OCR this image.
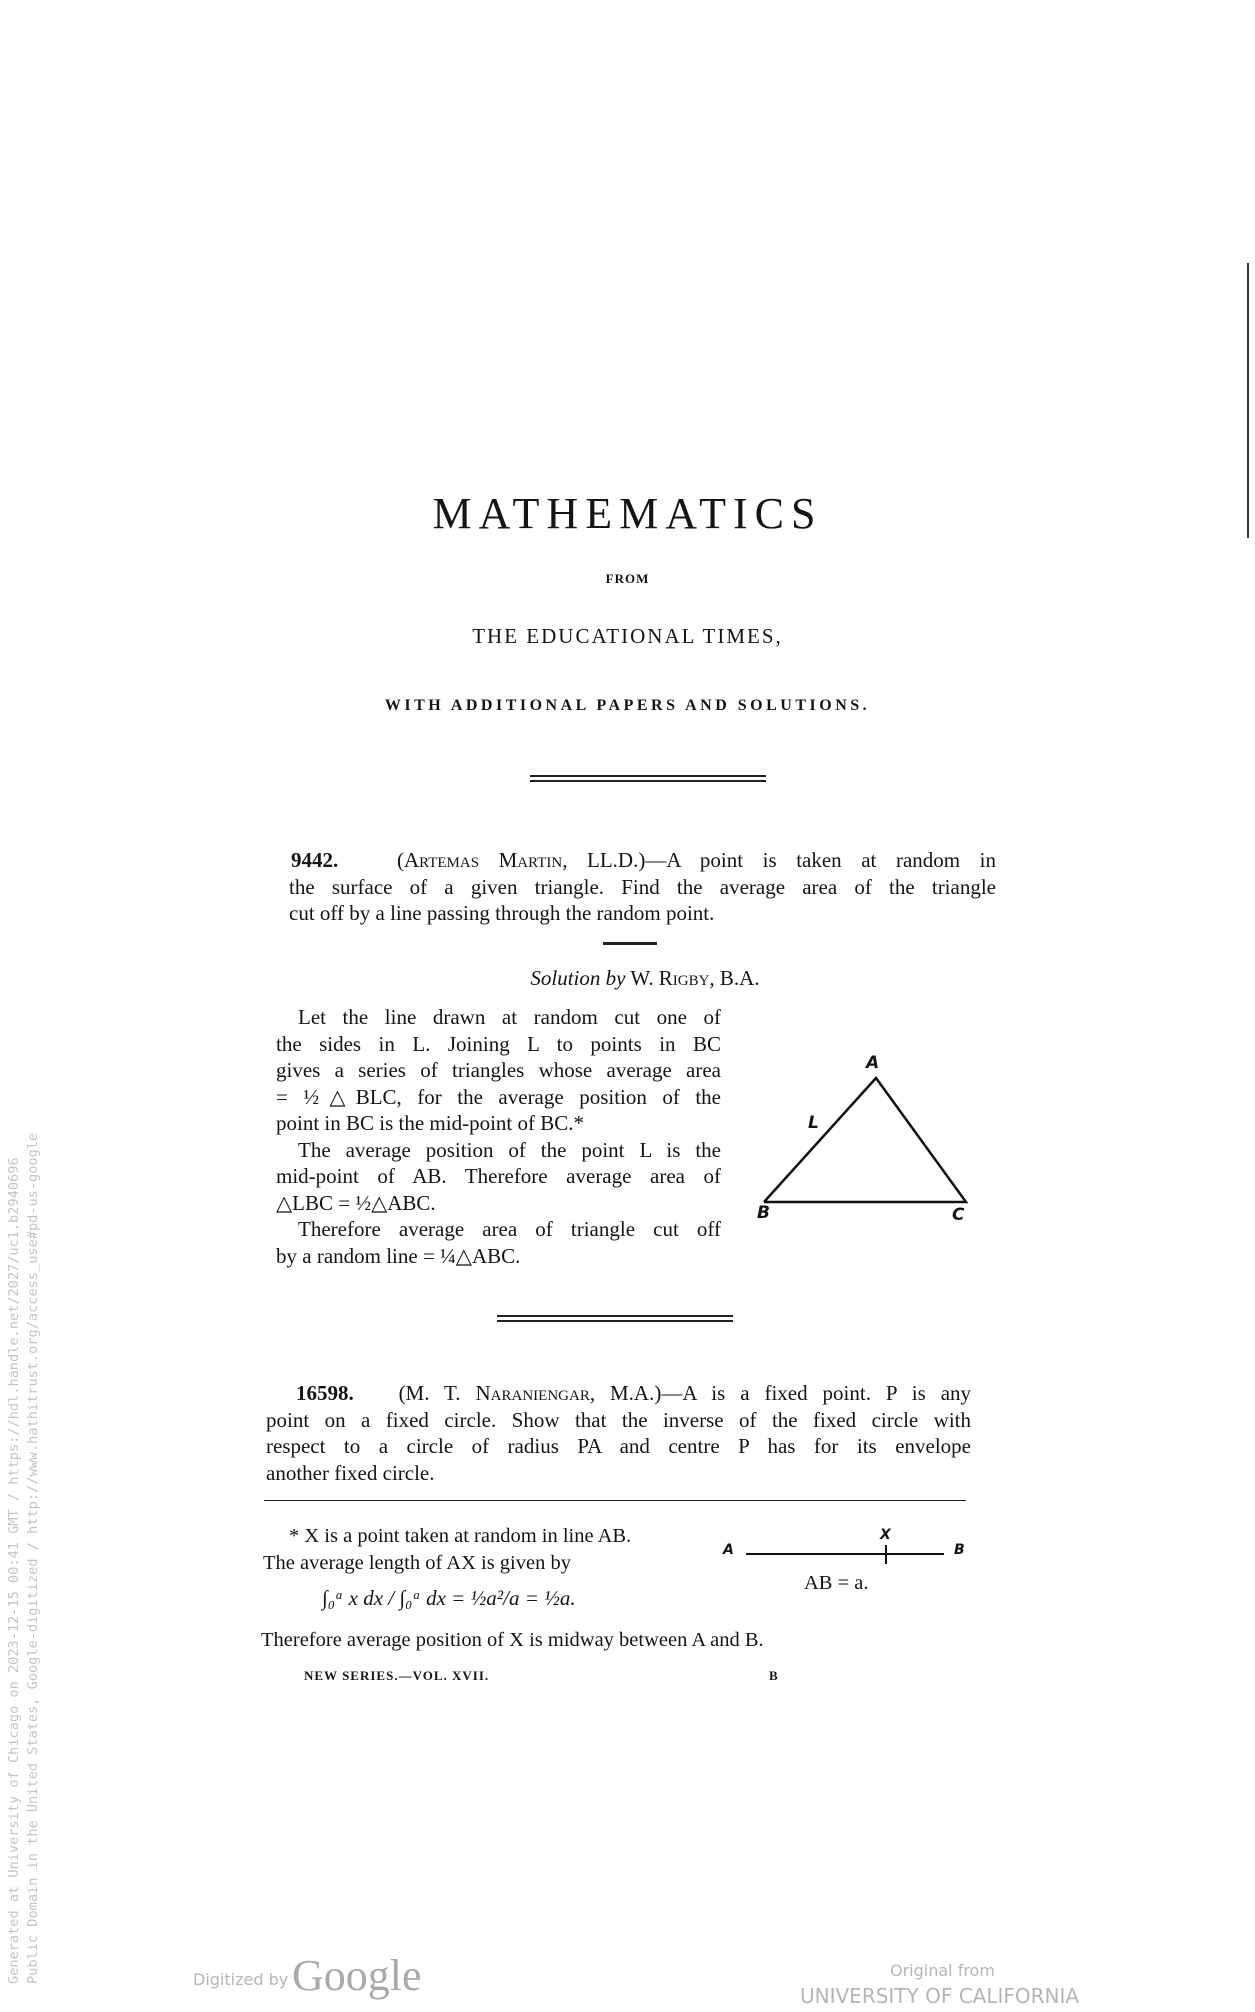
MATHEMATICS
FROM
THE EDUCATIONAL TIMES,
WITH ADDITIONAL PAPERS AND SOLUTIONS.
9442.	(Artemas Martin, LL.D.)—A point is taken at random in
the surface of a given triangle. Find the average area of the triangle
cut off by a line passing through the random point.
Solution by W. Rigby, B.A.
Let the line drawn at random cut one of
the sides in L. Joining L to points in BC
gives a series of triangles whose average area
= ½△BLC, for the average position of the
point in BC is the mid-point of BC.*
The average position of the point L is the
mid-point of AB. Therefore average area of
△LBC = ½△ABC.
Therefore average area of triangle cut off
by a random line = ¼△ABC.
A
B	C
L
16598. (M. T. Naraniengar, M.A.)—A is a fixed point. P is any
point on a fixed circle. Show that the inverse of the fixed circle with
respect to a circle of radius PA and centre P has for its envelope
another fixed circle.
* X is a point taken at random in line AB.
The average length of AX is given by
∫₀ᵃ x dx / ∫₀ᵃ dx = ½a²/a = ½a.
Therefore average position of X is midway between A and B.
A	B
X
AB = a.
NEW SERIES.—VOL. XVII.	B
Generated at University of Chicago on 2023-12-15 00:41 GMT / https://hdl.handle.net/2027/uc1.b2940696 Public Domain in the United States, Google-digitized / http://www.hathitrust.org/access_use#pd-us-google	Digitized by Google	Original from
UNIVERSITY OF CALIFORNIA
